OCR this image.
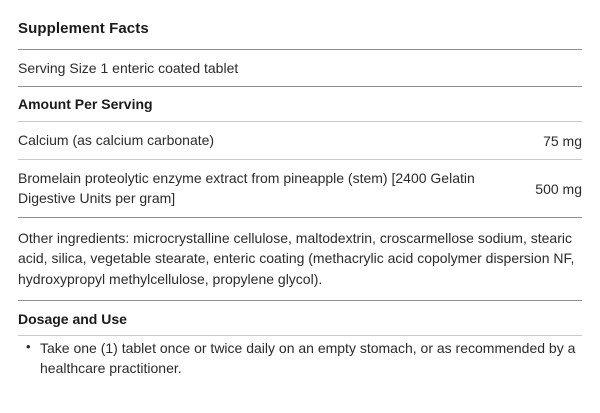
Supplement Facts
Serving Size 1 enteric coated tablet
Amount Per Serving
Calcium (as calcium carbonate)	75 mg
Bromelain proteolytic enzyme extract from pineapple (stem) [2400 Gelatin Digestive Units per gram]
500 mg
Other ingredients: microcrystalline cellulose, maltodextrin, croscarmellose sodium, stearic acid, silica, vegetable stearate, enteric coating (methacrylic acid copolymer dispersion NF, hydroxypropyl methylcellulose, propylene glycol).
Dosage and Use
• Take one (1) tablet once or twice daily on an empty stomach, or as recommended by a healthcare practitioner.
